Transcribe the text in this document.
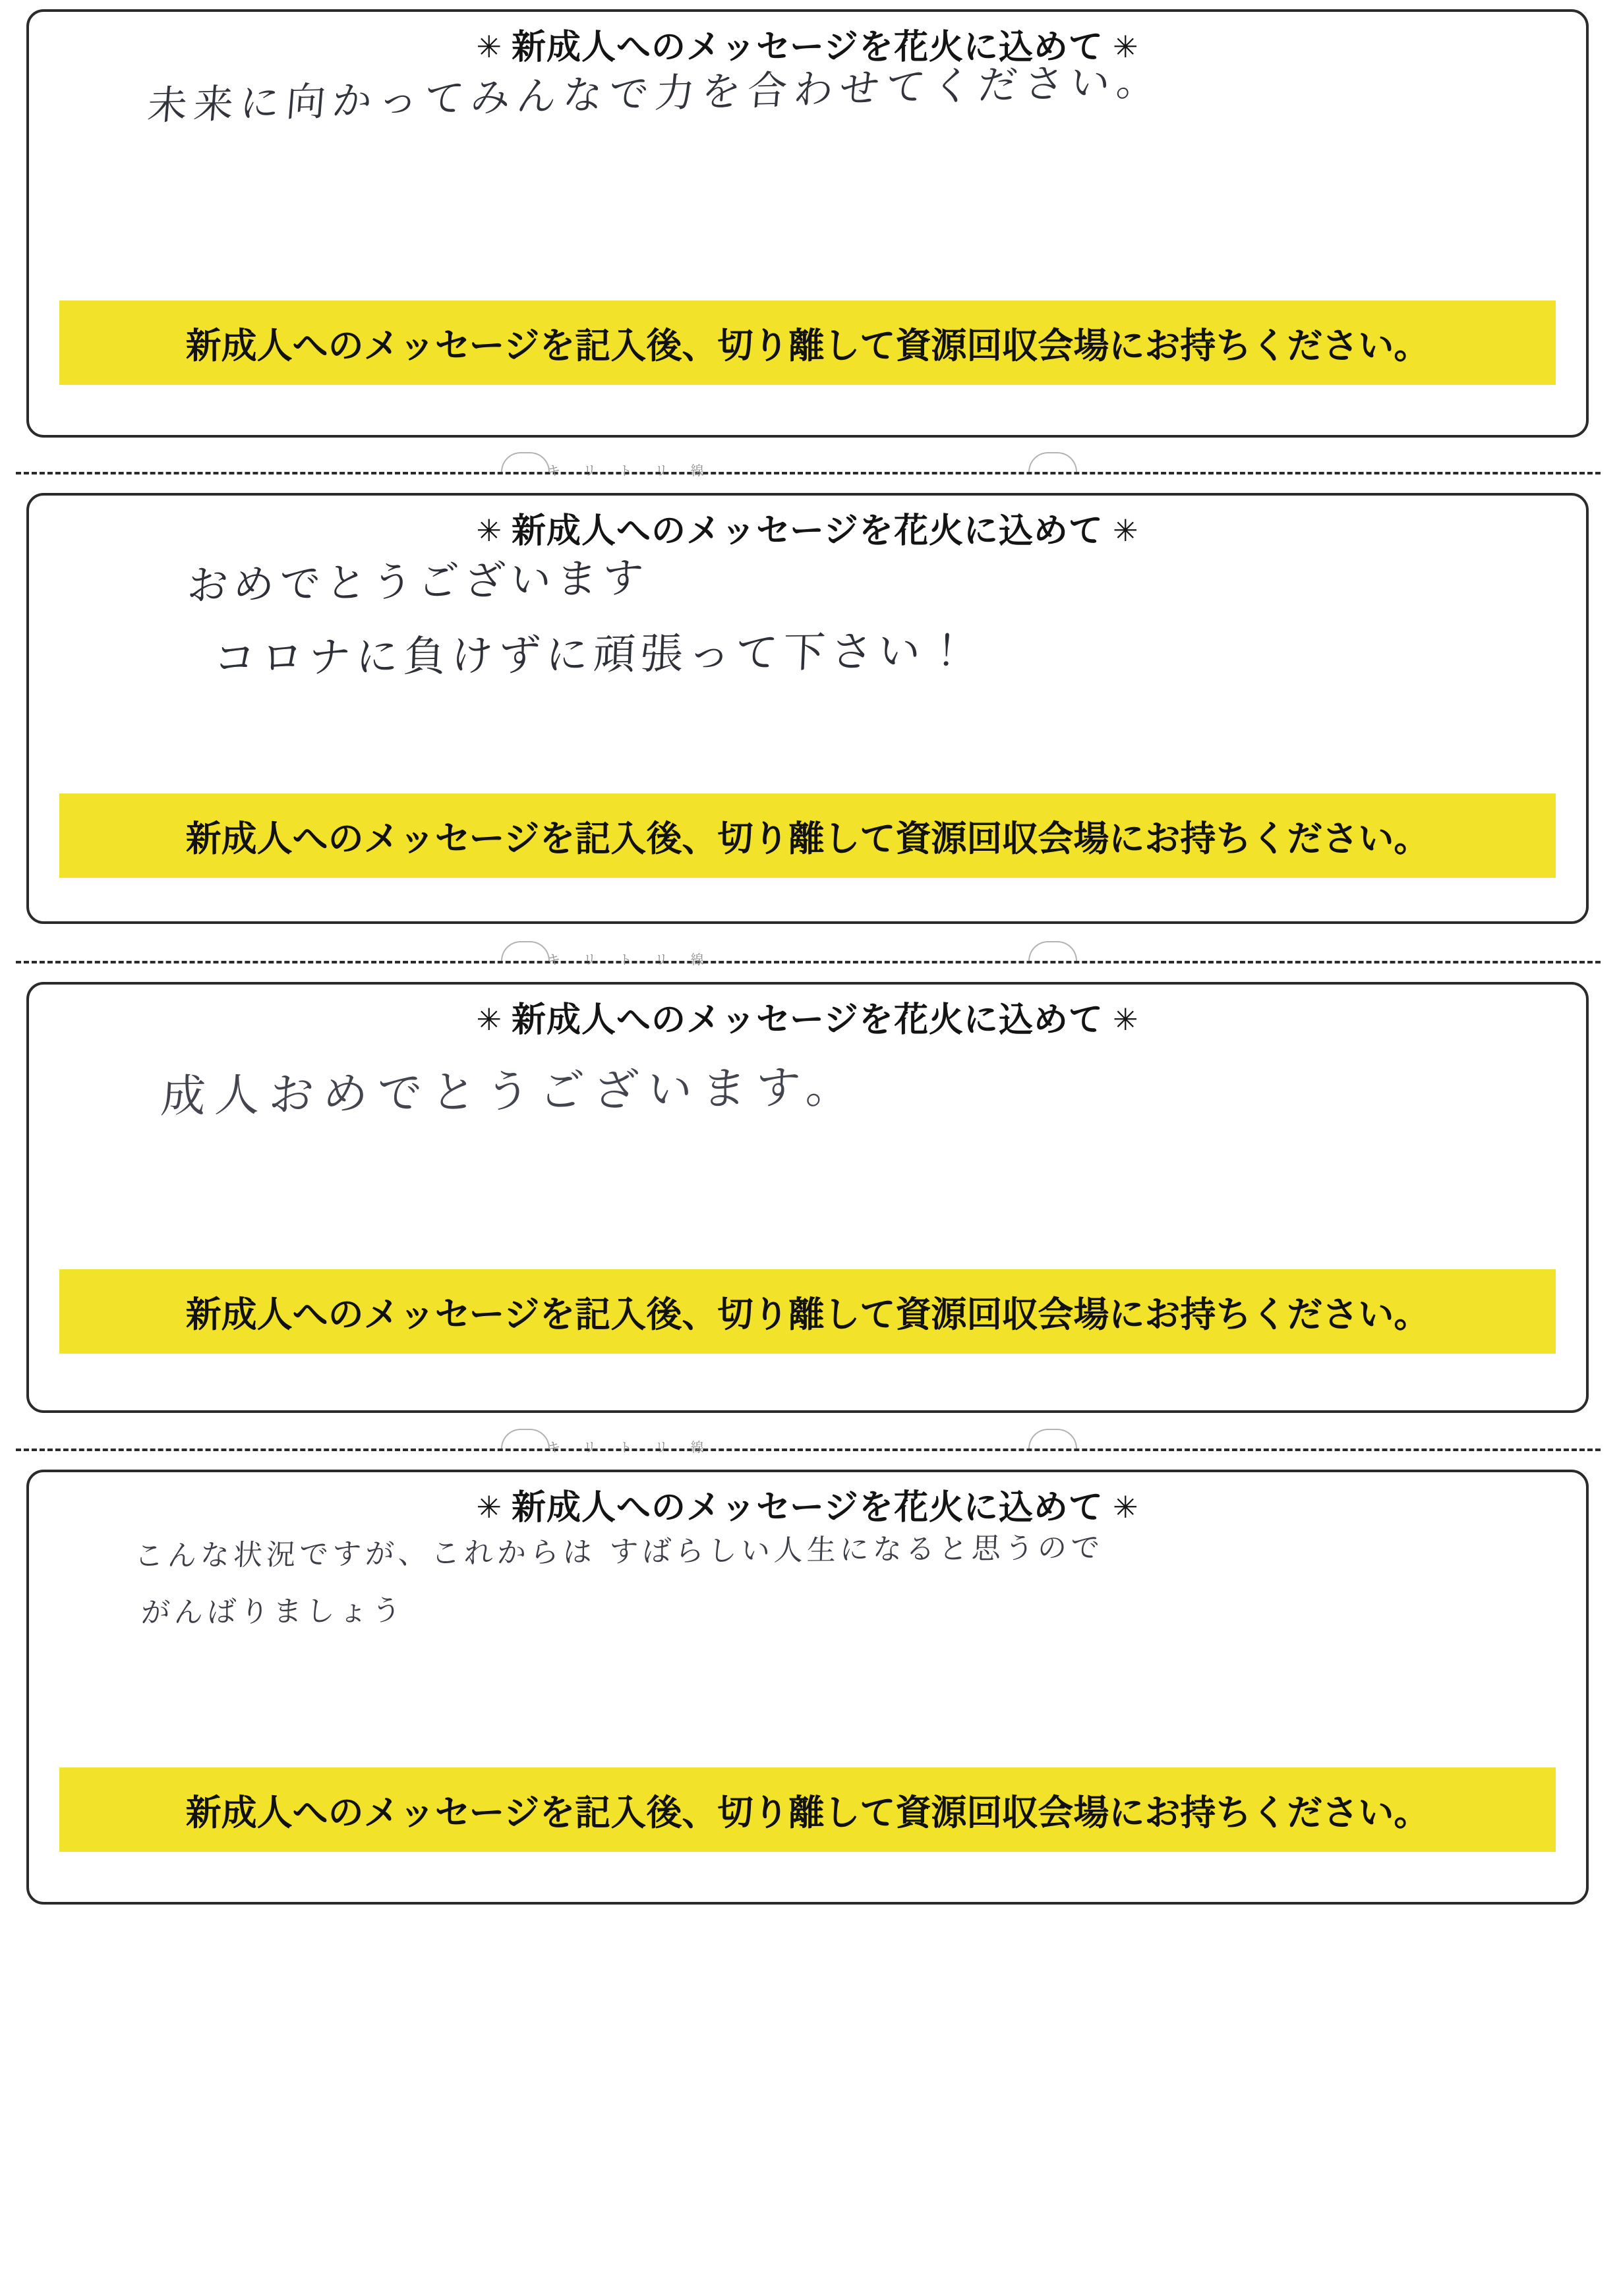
✳ 新成人へのメッセージを花火に込めて ✳
未来に向かってみんなで力を合わせてください。
新成人へのメッセージを記入後、切り離して資源回収会場にお持ちください。
キ リ ト リ 線
✳ 新成人へのメッセージを花火に込めて ✳
おめでとうございます
コロナに負けずに頑張って下さい！
新成人へのメッセージを記入後、切り離して資源回収会場にお持ちください。
キ リ ト リ 線
✳ 新成人へのメッセージを花火に込めて ✳
成人おめでとうございます。
新成人へのメッセージを記入後、切り離して資源回収会場にお持ちください。
キ リ ト リ 線
✳ 新成人へのメッセージを花火に込めて ✳
こんな状況ですが、これからは すばらしい人生になると思うので
がんばりましょう
新成人へのメッセージを記入後、切り離して資源回収会場にお持ちください。
